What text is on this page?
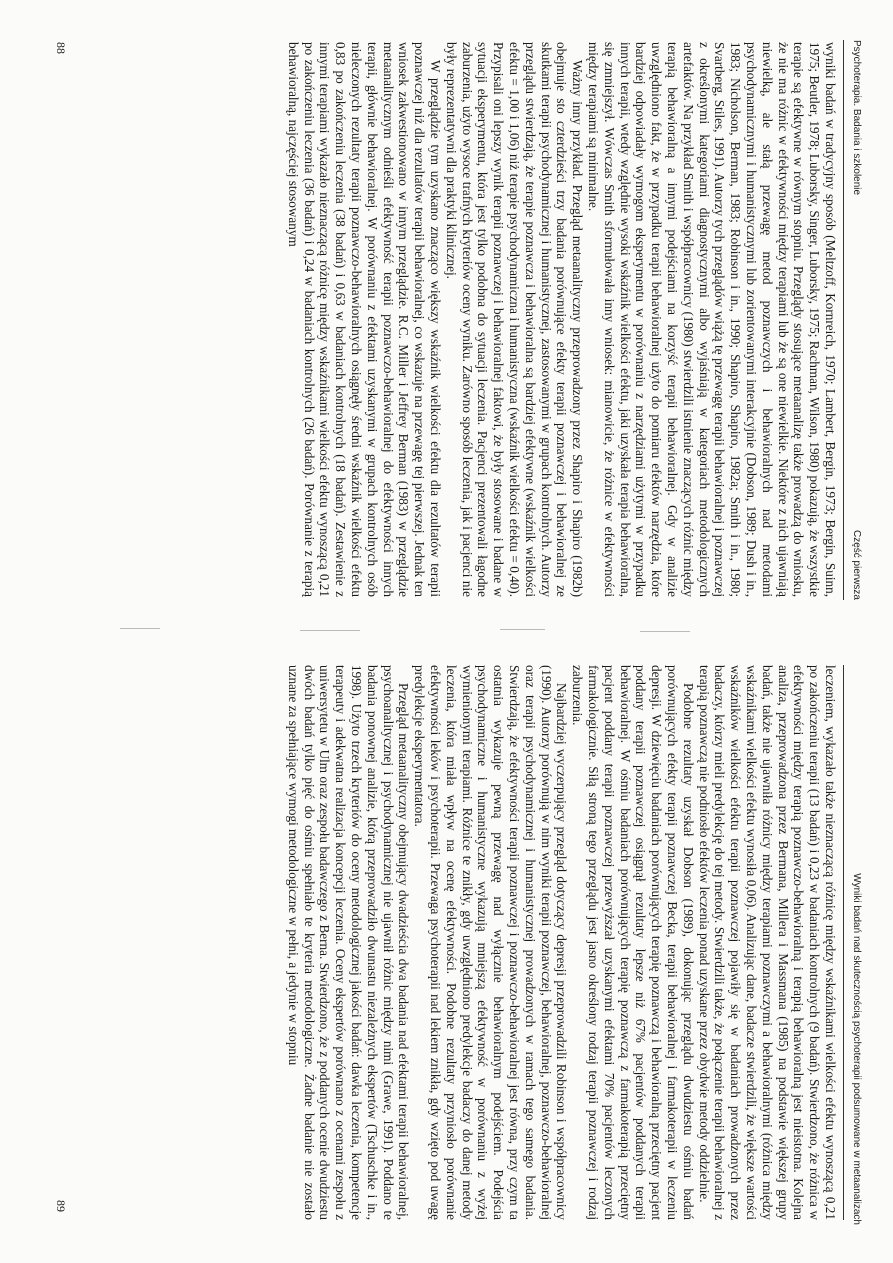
Psychoterapia. Badania i szkolenie
Część pierwsza

wyniki badań w tradycyjny sposób (Meltzoff, Kornreich, 1970; Lambert, Bergin, 1973; Bergin, Suinn, 1975; Beutler, 1978; Luborsky, Singer, Luborsky, 1975; Rachman, Wilson, 1980) pokazują, że wszystkie terapie są efektywne w równym stopniu. Przeglądy stosujące metaanalizę także prowadzą do wniosku, że nie ma różnic w efektywności między terapiami lub że są one niewielkie. Niektóre z nich ujawniają niewielką, ale stałą przewagę metod poznawczych i behawioralnych nad metodami psychodynamicznymi i humanistycznymi lub zorientowanymi interakcyjnie (Dobson, 1989; Dush i in., 1983; Nicholson, Berman, 1983; Robinson i in., 1990; Shapiro, Shapiro, 1982a; Smith i in., 1980; Svartberg, Stiles, 1991). Autorzy tych przeglądów wiążą tę przewagę terapii behawioralnej i poznawczej z określonymi kategoriami diagnostycznymi albo wyjaśniają w kategoriach metodologicznych artefaktów. Na przykład Smith i współpracownicy (1980) stwierdzili istnienie znaczących różnic między terapią behawioralną a innymi podejściami na korzyść terapii behawioralnej. Gdy w analizie uwzględniono fakt, że w przypadku terapii behawioralnej użyto do pomiaru efektów narzędzia, które bardziej odpowiadały wymogom eksperymentu w porównaniu z narzędziami użytymi w przypadku innych terapii, wtedy względnie wysoki wskaźnik wielkości efektu, jaki uzyskała terapia behawioralna, się zmniejszył. Wówczas Smith sformułowała inny wniosek: mianowicie, że różnice w efektywności między terapiami są minimalne.

Ważny inny przykład. Przegląd metaanalityczny przeprowadzony przez Shapiro i Shapiro (1982b) obejmuje sto czterdzieści trzy badania porównujące efekty terapii poznawczej i behawioralnej ze skutkami terapii psychodynamicznej i humanistycznej, zastosowanymi w grupach kontrolnych. Autorzy przeglądu stwierdzają, że terapie poznawcza i behawioralna są bardziej efektywne (wskaźnik wielkości efektu = 1,00 i 1,06) niż terapie psychodynamiczna i humanistyczna (wskaźnik wielkości efektu = 0,40). Przypisali oni lepszy wynik terapii poznawczej i behawioralnej faktowi, że były stosowane i badane w sytuacji eksperymentu, która jest tylko podobna do sytuacji leczenia. Pacjenci prezentowali łagodne zaburzenia, użyto wysoce trafnych kryteriów oceny wyniku. Zarówno sposób leczenia, jak i pacjenci nie były reprezentatywni dla praktyki klinicznej.

W przeglądzie tym uzyskano znacząco większy wskaźnik wielkości efektu dla rezultatów terapii poznawczej niż dla rezultatów terapii behawioralnej, co wskazuje na przewagę tej pierwszej. Jednak ten wniosek zakwestionowano w innym przeglądzie. R.C. Miller i Jeffrey Berman (1983) w przeglądzie metaanalitycznym odnieśli efektywność terapii poznawczo-behawioralnej do efektywności innych terapii, głównie behawioralnej. W porównaniu z efektami uzyskanymi w grupach kontrolnych osób nieleczonych rezultaty terapii poznawczo-behawioralnych osiągnęły średni wskaźnik wielkości efektu 0,83 po zakończeniu leczenia (38 badań) i 0,63 w badaniach kontrolnych (18 badań). Zestawienie z innymi terapiami wykazało nieznaczącą różnicę między wskaźnikami wielkości efektu wynoszącą 0,21 po zakończeniu leczenia (36 badań) i 0,24 w badaniach kontrolnych (26 badań). Porównanie z terapią behawioralną, najczęściej stosowanym

88
Wyniki badań nad skutecznością psychoterapii podsumowane w metaanalizach

leczeniem, wykazało także nieznaczącą różnicę między wskaźnikami wielkości efektu wynoszącą 0,21 po zakończeniu terapii (13 badań) i 0,23 w badaniach kontrolnych (9 badań). Stwierdzono, że różnica w efektywności między terapią poznawczo-behawioralną i terapią behawioralną jest nieistotna. Kolejna analiza, przeprowadzona przez Bermana, Millera i Massmana (1985) na podstawie większej grupy badań, także nie ujawniła różnicy między terapiami poznawczymi a behawioralnymi (różnica między wskaźnikami wielkości efektu wynosiła 0,06). Analizując dane, badacze stwierdzili, że większe wartości wskaźników wielkości efektu terapii poznawczej pojawiły się w badaniach prowadzonych przez badaczy, którzy mieli predylekcję do tej metody. Stwierdzili także, że połączenie terapii behawioralnej z terapią poznawczą nie podniosło efektów leczenia ponad uzyskane przez obydwie metody oddzielnie.

Podobne rezultaty uzyskał Dobson (1989), dokonując przeglądu dwudziestu ośmiu badań porównujących efekty terapii poznawczej Becka, terapii behawioralnej i farmakoterapii w leczeniu depresji. W dziewięciu badaniach porównujących terapię poznawczą i behawioralną przeciętny pacjent poddany terapii poznawczej osiągnął rezultaty lepsze niż 67% pacjentów poddanych terapii behawioralnej. W ośmiu badaniach porównujących terapię poznawczą z farmakoterapią przeciętny pacjent poddany terapii poznawczej przewyższał uzyskanymi efektami 70% pacjentów leczonych farmakologicznie. Siłą stroną tego przeglądu jest jasno określony rodzaj terapii poznawczej i rodzaj zaburzenia.

Najbardziej wyczerpujący przegląd dotyczący depresji przeprowadzili Robinson i współpracownicy (1990). Autorzy porównują w nim wyniki terapii poznawczej, behawioralnej, poznawczo-behawioralnej oraz terapii psychodynamicznej i humanistycznej prowadzonych w ramach tego samego badania. Stwierdzają, że efektywności terapii poznawczej i poznawczo-behawioralnej jest równa, przy czym ta ostatnia wykazuje pewną przewagę nad wyłącznie behawioralnym podejściem. Podejścia psychodynamiczne i humanistyczne wykazują mniejszą efektywność w porównaniu z wyżej wymienionymi terapiami. Różnice te znikły, gdy uwzględniono predylekcje badaczy do danej metody leczenia, która miała wpływ na ocenę efektywności. Podobne rezultaty przyniosło porównanie efektywności leków i psychoterapii. Przewaga psychoterapii nad lekiem znikła, gdy wzięto pod uwagę predylekcje eksperymentatora.

Przegląd metaanalityczny obejmujący dwadzieścia dwa badania nad efektami terapii behawioralnej, psychoanalitycznej i psychodynamicznej nie ujawnił różnic między nimi (Grawe, 1991). Poddano te badania ponownej analizie, którą przeprowadziło dwunastu niezależnych ekspertów (Tschuschke i in., 1998). Użyto trzech kryteriów do oceny metodologicznej jakości badań: dawka leczenia, kompetencje terapeuty i adekwatna realizacja koncepcji leczenia. Oceny ekspertów porównano z ocenami zespołu z uniwersytetu w Ulm oraz zespołu badawczego z Berna. Stwierdzono, że z poddanych ocenie dwudziestu dwóch badań tylko pięć do ośmiu spełniało te kryteria metodologiczne. Żadne badanie nie zostało uznane za spełniające wymogi metodologiczne w pełni, a jedynie w stopniu

89
